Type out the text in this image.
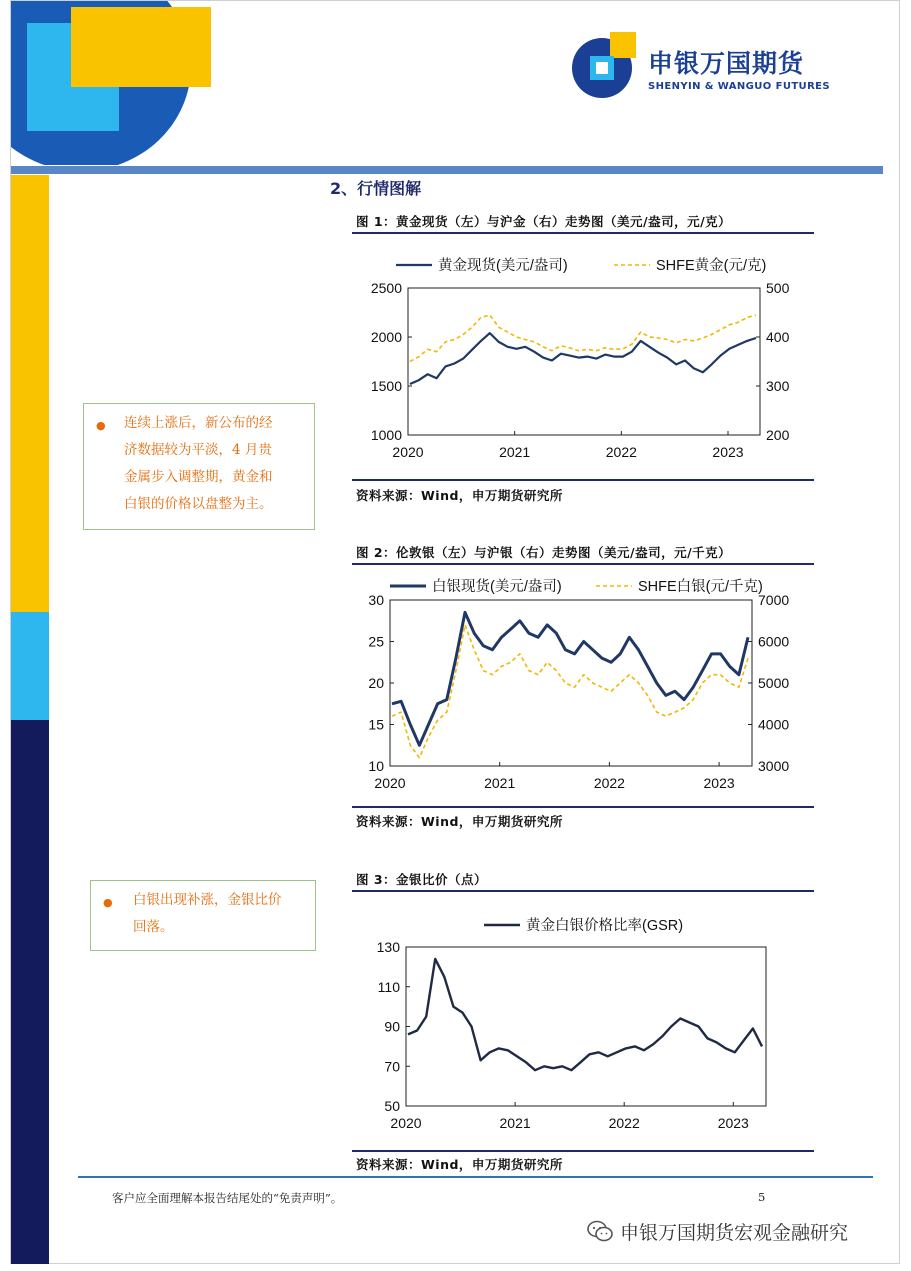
申银万国期货
SHENYIN & WANGUO FUTURES
2、行情图解
图 1：黄金现货（左）与沪金（右）走势图（美元/盎司，元/克）
2500
2000
1500
1000
500
400
300
200
2020	2021	2022	2023
黄金现货(美元/盎司)	SHFE黄金(元/克)
资料来源：Wind，申万期货研究所
图 2：伦敦银（左）与沪银（右）走势图（美元/盎司，元/千克）
30
25
20
15
10
7000
6000
5000
4000
3000
2020	2021	2022	2023
白银现货(美元/盎司)	SHFE白银(元/千克)
资料来源：Wind，申万期货研究所
图 3：金银比价（点）
130
110
90
70
50
2020	2021	2022	2023
黄金白银价格比率(GSR)
资料来源：Wind，申万期货研究所
● 连续上涨后，新公布的经
济数据较为平淡，4 月贵
金属步入调整期，黄金和
白银的价格以盘整为主。
● 白银出现补涨，金银比价
回落。
客户应全面理解本报告结尾处的“免责声明”。	5
申银万国期货宏观金融研究
